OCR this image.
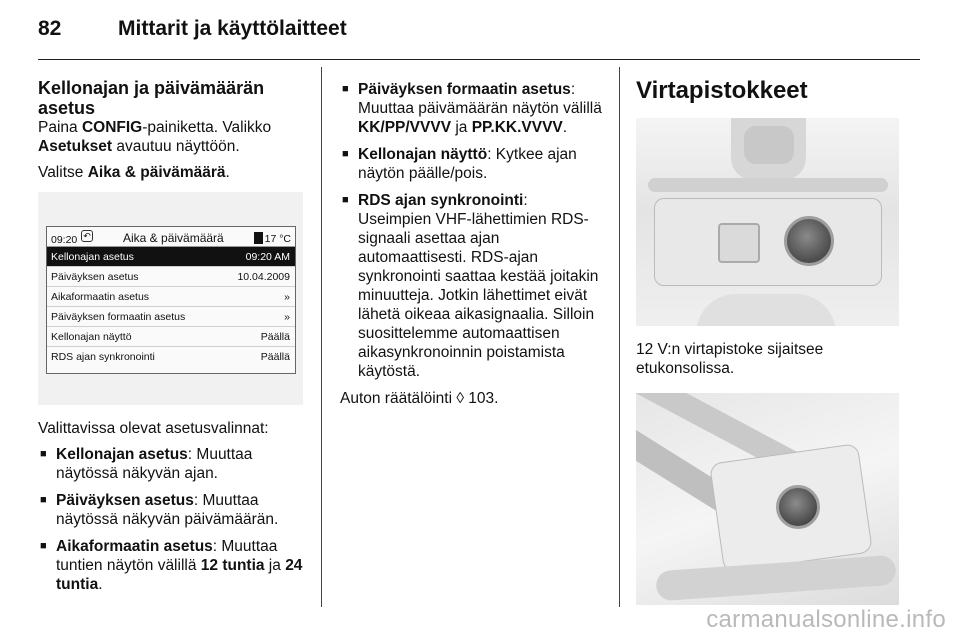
82	Mittarit ja käyttölaitteet
Kellonajan ja päivämäärän asetus

Paina CONFIG-painiketta. Valikko Asetukset avautuu näyttöön.

Valitse Aika & päivämäärä.

09:20 ↶	Aika & päivämäärä	17 °C
Kellonajan asetus	09:20 AM
Päiväyksen asetus	10.04.2009
Aikaformaatin asetus	»
Päiväyksen formaatin asetus	»
Kellonajan näyttö	Päällä
RDS ajan synkronointi	Päällä

Valittavissa olevat asetusvalinnat:

■ Kellonajan asetus: Muuttaa näytössä näkyvän ajan.
■ Päiväyksen asetus: Muuttaa näytössä näkyvän päivämäärän.
■ Aikaformaatin asetus: Muuttaa tuntien näytön välillä 12 tuntia ja 24 tuntia.
■ Päiväyksen formaatin asetus: Muuttaa päivämäärän näytön välillä KK/PP/VVVV ja PP.KK.VVVV.
■ Kellonajan näyttö: Kytkee ajan näytön päälle/pois.
■ RDS ajan synkronointi: Useimpien VHF-lähettimien RDS-signaali asettaa ajan automaattisesti. RDS-ajan synkronointi saattaa kestää joitakin minuutteja. Jotkin lähettimet eivät lähetä oikeaa aikasignaalia. Silloin suosittelemme automaattisen aikasynkronoinnin poistamista käytöstä.

Auton räätälöinti ◊ 103.

Virtapistokkeet

12 V:n virtapistoke sijaitsee etukonsolissa.

carmanualsonline.info
